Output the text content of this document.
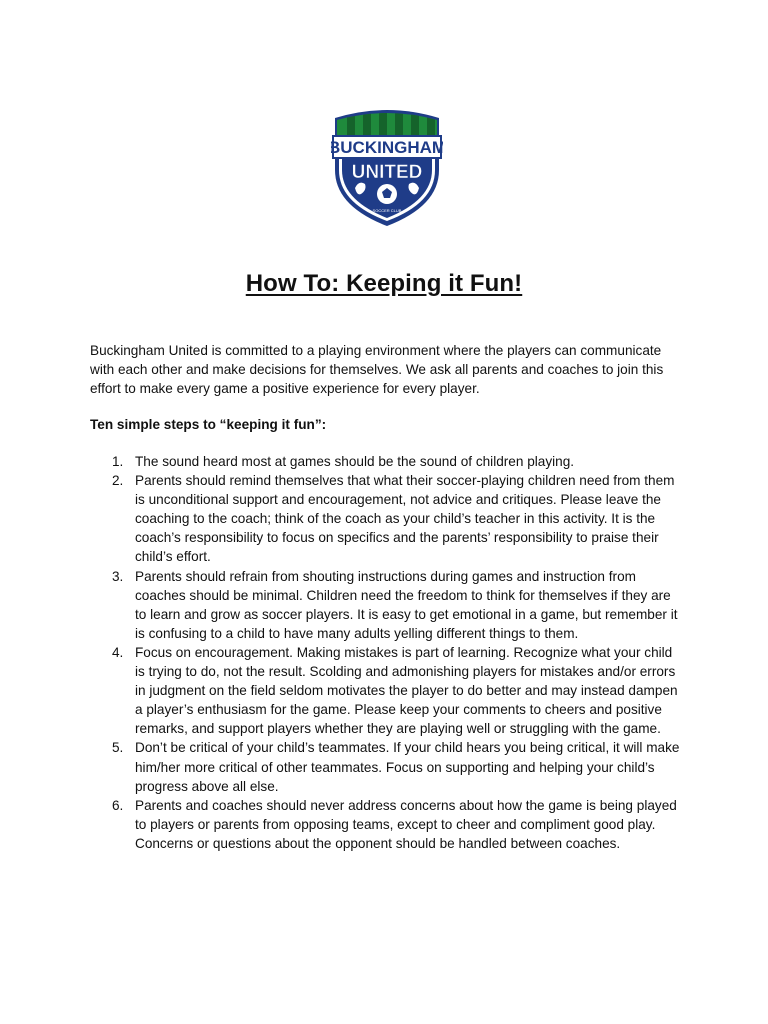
BUCKINGHAM
UNITED
SOCCER CLUB
How To: Keeping it Fun!

Buckingham United is committed to a playing environment where the players can communicate with each other and make decisions for themselves. We ask all parents and coaches to join this effort to make every game a positive experience for every player.

Ten simple steps to “keeping it fun”:

1. The sound heard most at games should be the sound of children playing.
2. Parents should remind themselves that what their soccer-playing children need from them is unconditional support and encouragement, not advice and critiques. Please leave the coaching to the coach; think of the coach as your child’s teacher in this activity. It is the coach’s responsibility to focus on specifics and the parents’ responsibility to praise their child’s effort.
3. Parents should refrain from shouting instructions during games and instruction from coaches should be minimal. Children need the freedom to think for themselves if they are to learn and grow as soccer players. It is easy to get emotional in a game, but remember it is confusing to a child to have many adults yelling different things to them.
4. Focus on encouragement. Making mistakes is part of learning. Recognize what your child is trying to do, not the result. Scolding and admonishing players for mistakes and/or errors in judgment on the field seldom motivates the player to do better and may instead dampen a player’s enthusiasm for the game. Please keep your comments to cheers and positive remarks, and support players whether they are playing well or struggling with the game.
5. Don’t be critical of your child’s teammates. If your child hears you being critical, it will make him/her more critical of other teammates. Focus on supporting and helping your child’s progress above all else.
6. Parents and coaches should never address concerns about how the game is being played to players or parents from opposing teams, except to cheer and compliment good play. Concerns or questions about the opponent should be handled between coaches.
